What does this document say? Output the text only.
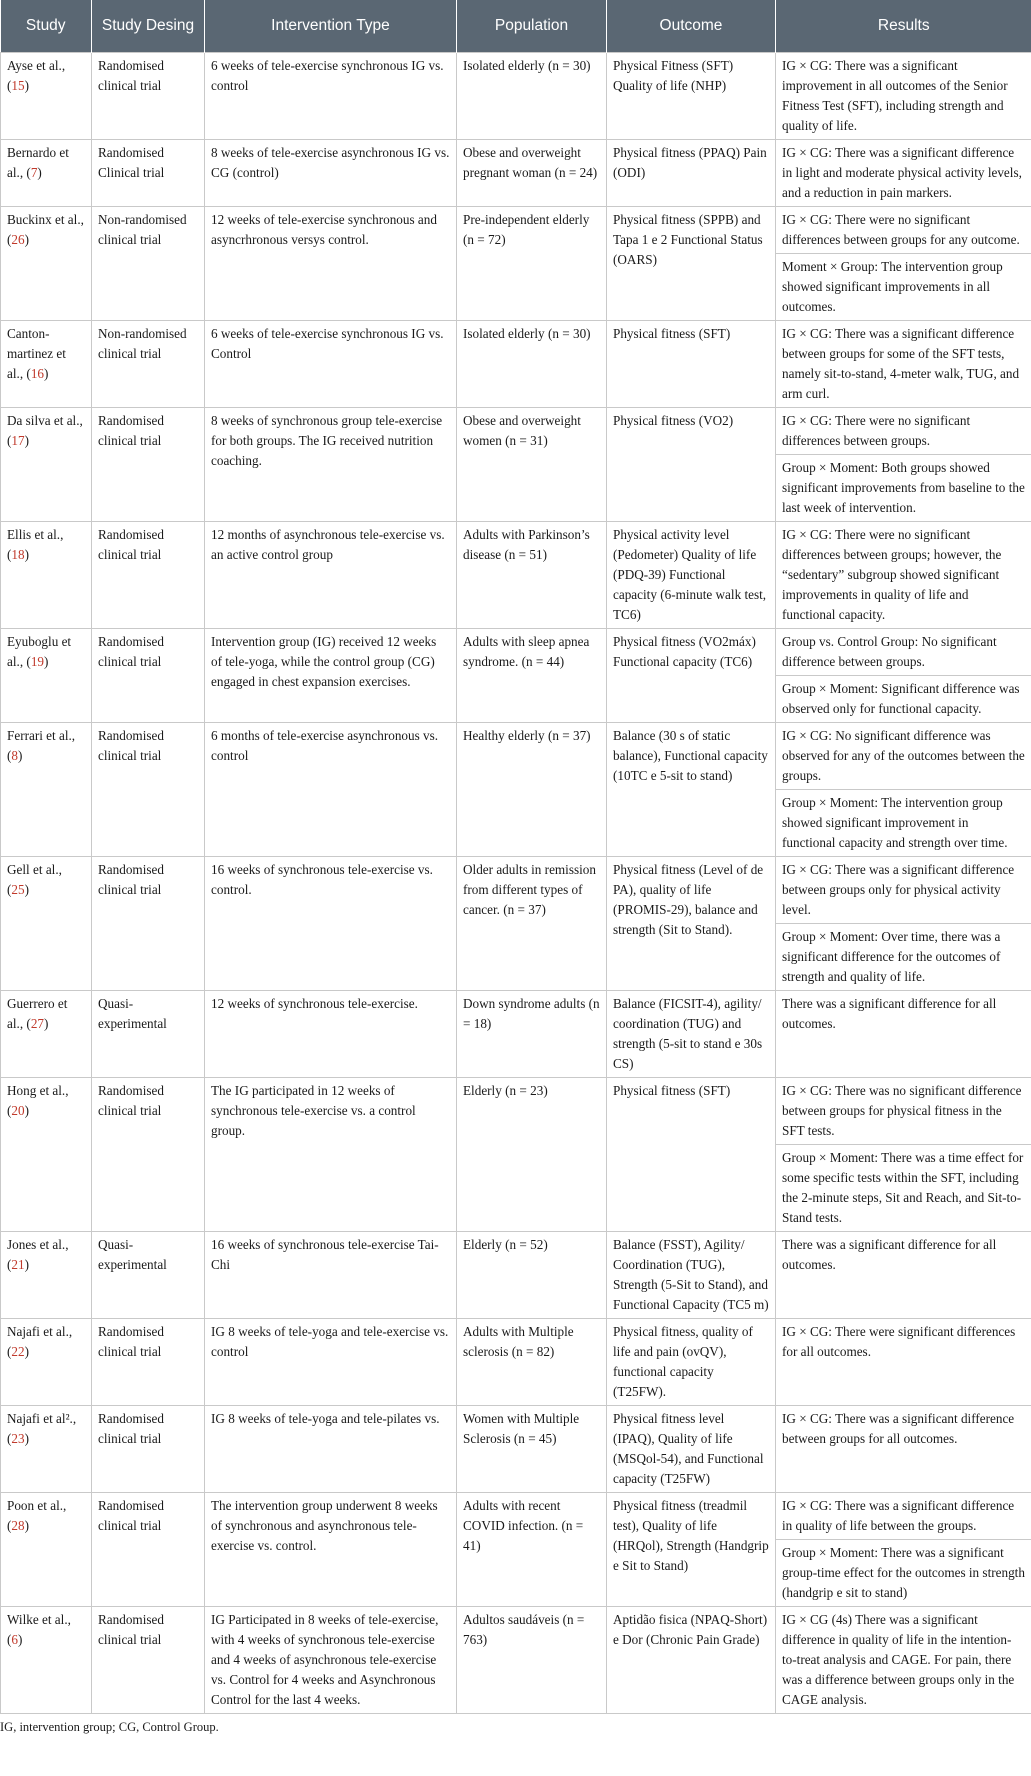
Study	Study Desing	Intervention Type	Population	Outcome	Results
Ayse et al., (15)	Randomised clinical trial	6 weeks of tele-exercise synchronous IG vs. control	Isolated elderly (n = 30)	Physical Fitness (SFT) Quality of life (NHP)	IG × CG: There was a significant improvement in all outcomes of the Senior Fitness Test (SFT), including strength and quality of life.

Bernardo et al., (7)	Randomised Clinical trial	8 weeks of tele-exercise asynchronous IG vs. CG (control)	Obese and overweight pregnant woman (n = 24)	Physical fitness (PPAQ) Pain (ODI)	IG × CG: There was a significant difference in light and moderate physical activity levels, and a reduction in pain markers.

Buckinx et al., (26)	Non-randomised clinical trial	12 weeks of tele-exercise synchronous and asyncrhronous versys control.	Pre-independent elderly (n = 72)	Physical fitness (SPPB) and Tapa 1 e 2 Functional Status (OARS)	IG × CG: There were no significant differences between groups for any outcome.
Moment × Group: The intervention group showed significant improvements in all outcomes.

Canton-martinez et al., (16)	Non-randomised clinical trial	6 weeks of tele-exercise synchronous IG vs. Control	Isolated elderly (n = 30)	Physical fitness (SFT)	IG × CG: There was a significant difference between groups for some of the SFT tests, namely sit-to-stand, 4-meter walk, TUG, and arm curl.

Da silva et al., (17)	Randomised clinical trial	8 weeks of synchronous group tele-exercise for both groups. The IG received nutrition coaching.	Obese and overweight women (n = 31)	Physical fitness (VO2)	IG × CG: There were no significant differences between groups.
Group × Moment: Both groups showed significant improvements from baseline to the last week of intervention.

Ellis et al., (18)	Randomised clinical trial	12 months of asynchronous tele-exercise vs. an active control group	Adults with Parkinson’s disease (n = 51)	Physical activity level (Pedometer) Quality of life (PDQ-39) Functional capacity (6-minute walk test, TC6)	IG × CG: There were no significant differences between groups; however, the “sedentary” subgroup showed significant improvements in quality of life and functional capacity.

Eyuboglu et al., (19)	Randomised clinical trial	Intervention group (IG) received 12 weeks of tele-yoga, while the control group (CG) engaged in chest expansion exercises.	Adults with sleep apnea syndrome. (n = 44)	Physical fitness (VO2máx) Functional capacity (TC6)	Group vs. Control Group: No significant difference between groups.
Group × Moment: Significant difference was observed only for functional capacity.

Ferrari et al., (8)	Randomised clinical trial	6 months of tele-exercise asynchronous vs. control	Healthy elderly (n = 37)	Balance (30 s of static balance), Functional capacity (10TC e 5-sit to stand)	IG × CG: No significant difference was observed for any of the outcomes between the groups.
Group × Moment: The intervention group showed significant improvement in functional capacity and strength over time.

Gell et al., (25)	Randomised clinical trial	16 weeks of synchronous tele-exercise vs. control.	Older adults in remission from different types of cancer. (n = 37)	Physical fitness (Level of de PA), quality of life (PROMIS-29), balance and strength (Sit to Stand).	IG × CG: There was a significant difference between groups only for physical activity level.
Group × Moment: Over time, there was a significant difference for the outcomes of strength and quality of life.

Guerrero et al., (27)	Quasi-experimental	12 weeks of synchronous tele-exercise.	Down syndrome adults (n = 18)	Balance (FICSIT-4), agility/ coordination (TUG) and strength (5-sit to stand e 30s CS)	There was a significant difference for all outcomes.

Hong et al., (20)	Randomised clinical trial	The IG participated in 12 weeks of synchronous tele-exercise vs. a control group.	Elderly (n = 23)	Physical fitness (SFT)	IG × CG: There was no significant difference between groups for physical fitness in the SFT tests.
Group × Moment: There was a time effect for some specific tests within the SFT, including the 2-minute steps, Sit and Reach, and Sit-to-Stand tests.

Jones et al., (21)	Quasi-experimental	16 weeks of synchronous tele-exercise Tai-Chi	Elderly (n = 52)	Balance (FSST), Agility/ Coordination (TUG), Strength (5-Sit to Stand), and Functional Capacity (TC5 m)	There was a significant difference for all outcomes.

Najafi et al., (22)	Randomised clinical trial	IG 8 weeks of tele-yoga and tele-exercise vs. control	Adults with Multiple sclerosis (n = 82)	Physical fitness, quality of life and pain (ovQV), functional capacity (T25FW).	IG × CG: There were significant differences for all outcomes.

Najafi et al²., (23)	Randomised clinical trial	IG 8 weeks of tele-yoga and tele-pilates vs.	Women with Multiple Sclerosis (n = 45)	Physical fitness level (IPAQ), Quality of life (MSQol-54), and Functional capacity (T25FW)	IG × CG: There was a significant difference between groups for all outcomes.

Poon et al., (28)	Randomised clinical trial	The intervention group underwent 8 weeks of synchronous and asynchronous tele-exercise vs. control.	Adults with recent COVID infection. (n = 41)	Physical fitness (treadmil test), Quality of life (HRQol), Strength (Handgrip e Sit to Stand)	IG × CG: There was a significant difference in quality of life between the groups.
Group × Moment: There was a significant group-time effect for the outcomes in strength (handgrip e sit to stand)

Wilke et al., (6)	Randomised clinical trial	IG Participated in 8 weeks of tele-exercise, with 4 weeks of synchronous tele-exercise and 4 weeks of asynchronous tele-exercise vs. Control for 4 weeks and Asynchronous Control for the last 4 weeks.	Adultos saudáveis (n = 763)	Aptidão fisica (NPAQ-Short) e Dor (Chronic Pain Grade)	IG × CG (4s) There was a significant difference in quality of life in the intention-to-treat analysis and CAGE. For pain, there was a difference between groups only in the CAGE analysis.
IG, intervention group; CG, Control Group.
